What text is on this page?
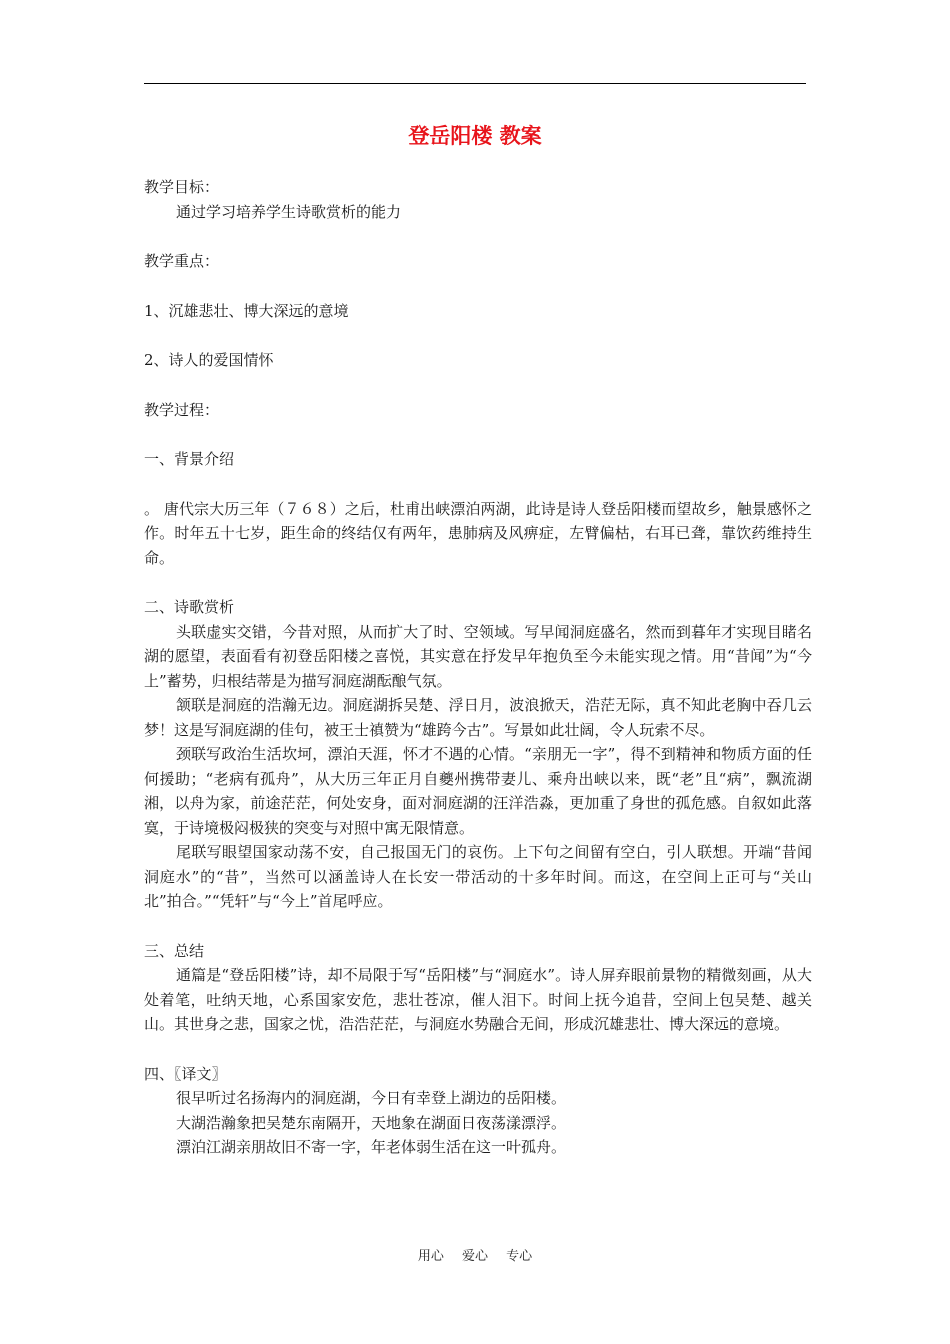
登岳阳楼 教案

教学目标：

通过学习培养学生诗歌赏析的能力

教学重点：

1、沉雄悲壮、博大深远的意境

2、诗人的爱国情怀

教学过程：

一、背景介绍

。 唐代宗大历三年（７６８）之后，杜甫出峡漂泊两湖，此诗是诗人登岳阳楼而望故乡，触景感怀之作。时年五十七岁，距生命的终结仅有两年，患肺病及风痹症，左臂偏枯，右耳已聋，靠饮药维持生命。

二、诗歌赏析

头联虚实交错，今昔对照，从而扩大了时、空领域。写早闻洞庭盛名，然而到暮年才实现目睹名湖的愿望，表面看有初登岳阳楼之喜悦，其实意在抒发早年抱负至今未能实现之情。用“昔闻”为“今上”蓄势，归根结蒂是为描写洞庭湖酝酿气氛。

颔联是洞庭的浩瀚无边。洞庭湖拆吴楚、浮日月，波浪掀天，浩茫无际，真不知此老胸中吞几云梦！这是写洞庭湖的佳句，被王士禛赞为“雄跨今古”。写景如此壮阔，令人玩索不尽。

颈联写政治生活坎坷，漂泊天涯，怀才不遇的心情。“亲朋无一字”，得不到精神和物质方面的任何援助；“老病有孤舟”，从大历三年正月自夔州携带妻儿、乘舟出峡以来，既“老”且“病”，飘流湖湘，以舟为家，前途茫茫，何处安身，面对洞庭湖的汪洋浩淼，更加重了身世的孤危感。自叙如此落寞，于诗境极闷极狭的突变与对照中寓无限情意。

尾联写眼望国家动荡不安，自己报国无门的哀伤。上下句之间留有空白，引人联想。开端“昔闻洞庭水”的“昔”，当然可以涵盖诗人在长安一带活动的十多年时间。而这，在空间上正可与“关山北”拍合。”“凭轩”与“今上”首尾呼应。

三、总结

通篇是“登岳阳楼”诗，却不局限于写“岳阳楼”与“洞庭水”。诗人屏弃眼前景物的精微刻画，从大处着笔，吐纳天地，心系国家安危，悲壮苍凉，催人泪下。时间上抚今追昔，空间上包吴楚、越关山。其世身之悲，国家之忧，浩浩茫茫，与洞庭水势融合无间，形成沉雄悲壮、博大深远的意境。

四、〖译文〗

很早听过名扬海内的洞庭湖，今日有幸登上湖边的岳阳楼。

大湖浩瀚象把吴楚东南隔开，天地象在湖面日夜荡漾漂浮。

漂泊江湖亲朋故旧不寄一字，年老体弱生活在这一叶孤舟。

用心 爱心 专心
